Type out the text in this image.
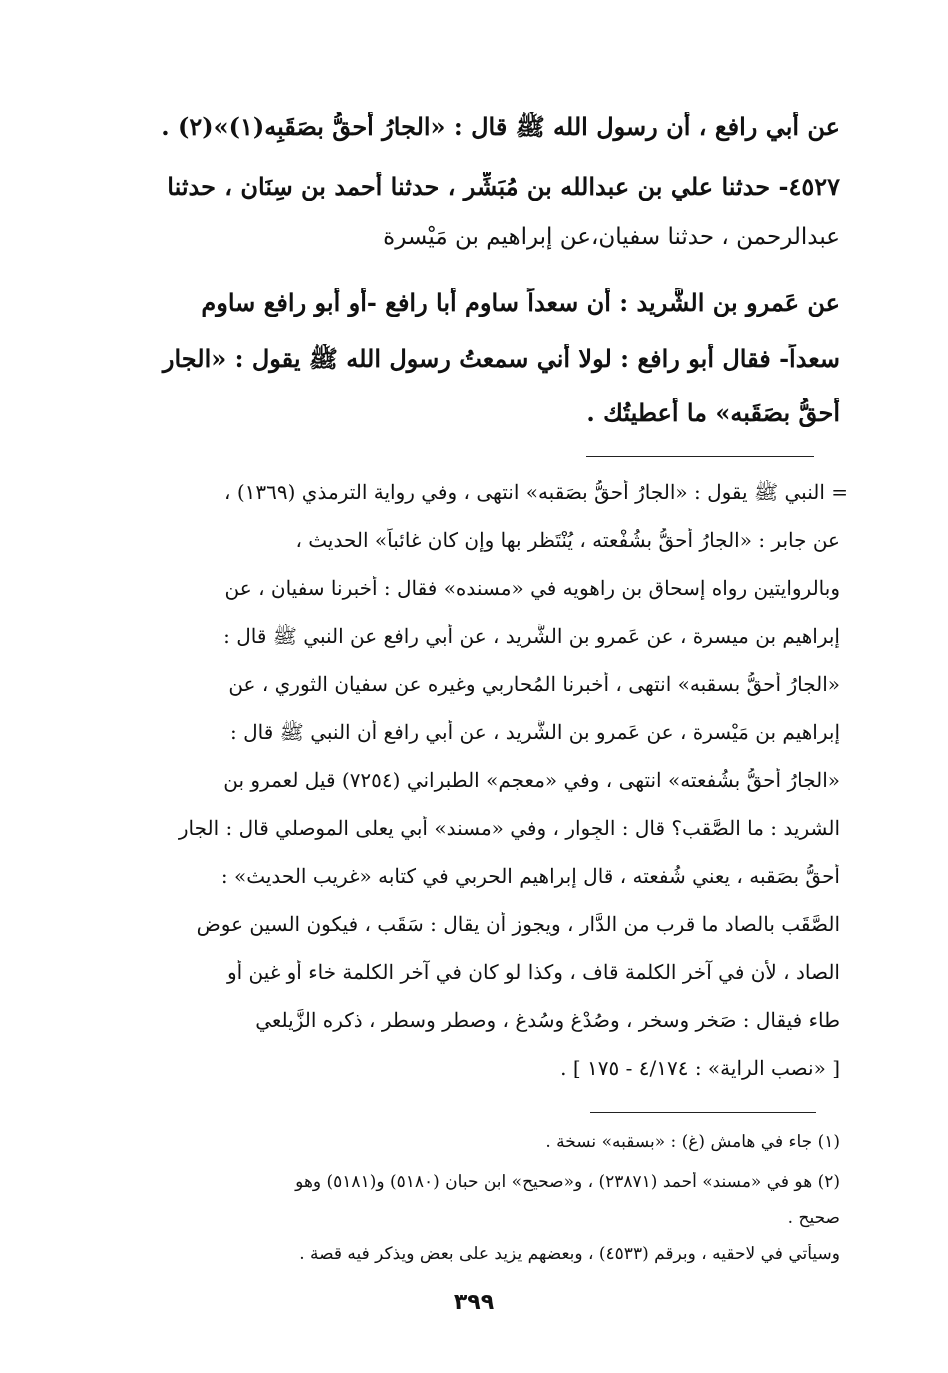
عن أبي رافع ، أن رسول الله ﷺ قال : «الجارُ أحقُّ بصَقَبِه(١)»(٢) .
٤٥٢٧- حدثنا علي بن عبدالله بن مُبَشِّر ، حدثنا أحمد بن سِنَان ، حدثنا
عبدالرحمن ، حدثنا سفيان،عن إبراهيم بن مَيْسرة
عن عَمرو بن الشَّريد : أن سعداً ساوم أبا رافع -أو أبو رافع ساوم
سعداً- فقال أبو رافع : لولا أني سمعتُ رسول الله ﷺ يقول : «الجار
أحقُّ بصَقَبه» ما أعطيتُك .
= النبي ﷺ يقول : «الجارُ أحقُّ بصَقبه» انتهى ، وفي رواية الترمذي (١٣٦٩) ،
عن جابر : «الجارُ أحقُّ بشُفْعته ، يُنْتَظر بها وإن كان غائباً» الحديث ،
وبالروايتين رواه إسحاق بن راهويه في «مسنده» فقال : أخبرنا سفيان ، عن
إبراهيم بن ميسرة ، عن عَمرو بن الشَّريد ، عن أبي رافع عن النبي ﷺ قال :
«الجارُ أحقُّ بسقبه» انتهى ، أخبرنا المُحاربي وغيره عن سفيان الثوري ، عن
إبراهيم بن مَيْسرة ، عن عَمرو بن الشَّريد ، عن أبي رافع أن النبي ﷺ قال :
«الجارُ أحقُّ بشُفعته» انتهى ، وفي «معجم» الطبراني (٧٢٥٤) قيل لعمرو بن
الشريد : ما الصَّقب؟ قال : الجِوار ، وفي «مسند» أبي يعلى الموصلي قال : الجار
أحقُّ بصَقبه ، يعني شُفعته ، قال إبراهيم الحربي في كتابه «غريب الحديث» :
الصَّقَب بالصاد ما قرب من الدَّار ، ويجوز أن يقال : سَقَب ، فيكون السين عوض
الصاد ، لأن في آخر الكلمة قاف ، وكذا لو كان في آخر الكلمة خاء أو غين أو
طاء فيقال : صَخر وسخر ، وصُدْغ وسُدغ ، وصطر وسطر ، ذكره الزَّيلعي
[ «نصب الراية» : ٤/١٧٤ - ١٧٥ ] .
(١) جاء في هامش (غ) : «بسقبه» نسخة .
(٢) هو في «مسند» أحمد (٢٣٨٧١) ، و«صحيح» ابن حبان (٥١٨٠) و(٥١٨١) وهو
صحيح .
وسيأتي في لاحقيه ، وبرقم (٤٥٣٣) ، وبعضهم يزيد على بعض ويذكر فيه قصة .
٣٩٩
